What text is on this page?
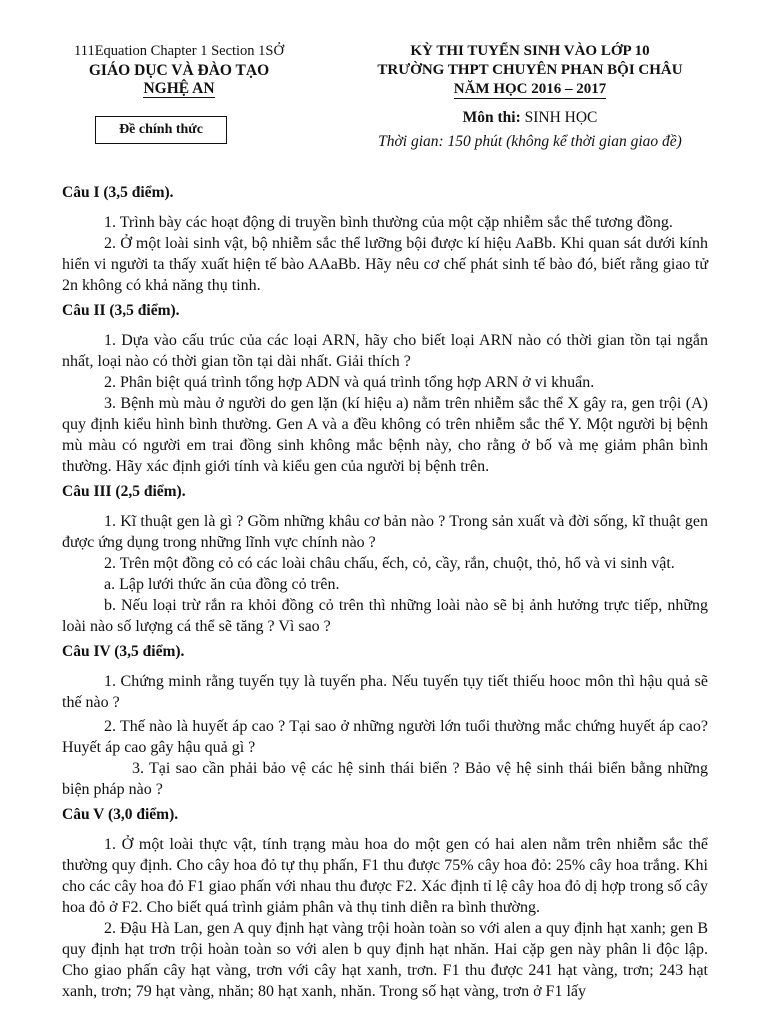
111Equation Chapter 1 Section 1SỞ
GIÁO DỤC VÀ ĐÀO TẠO
NGHỆ AN
Đề chính thức
KỲ THI TUYỂN SINH VÀO LỚP 10
TRƯỜNG THPT CHUYÊN PHAN BỘI CHÂU
NĂM HỌC 2016 – 2017
Môn thi: SINH HỌC
Thời gian: 150 phút (không kể thời gian giao đề)
Câu I (3,5 điểm).

1. Trình bày các hoạt động di truyền bình thường của một cặp nhiễm sắc thể tương đồng.

2. Ở một loài sinh vật, bộ nhiễm sắc thể lưỡng bội được kí hiệu AaBb. Khi quan sát dưới kính hiển vi người ta thấy xuất hiện tế bào AAaBb. Hãy nêu cơ chế phát sinh tế bào đó, biết rằng giao tử 2n không có khả năng thụ tinh.

Câu II (3,5 điểm).

1. Dựa vào cấu trúc của các loại ARN, hãy cho biết loại ARN nào có thời gian tồn tại ngắn nhất, loại nào có thời gian tồn tại dài nhất. Giải thích ?

2. Phân biệt quá trình tổng hợp ADN và quá trình tổng hợp ARN ở vi khuẩn.

3. Bệnh mù màu ở người do gen lặn (kí hiệu a) nằm trên nhiễm sắc thể X gây ra, gen trội (A) quy định kiểu hình bình thường. Gen A và a đều không có trên nhiễm sắc thể Y. Một người bị bệnh mù màu có người em trai đồng sinh không mắc bệnh này, cho rằng ở bố và mẹ giảm phân bình thường. Hãy xác định giới tính và kiểu gen của người bị bệnh trên.

Câu III (2,5 điểm).

1. Kĩ thuật gen là gì ? Gồm những khâu cơ bản nào ? Trong sản xuất và đời sống, kĩ thuật gen được ứng dụng trong những lĩnh vực chính nào ?

2. Trên một đồng cỏ có các loài châu chấu, ếch, cỏ, cầy, rắn, chuột, thỏ, hổ và vi sinh vật.

a. Lập lưới thức ăn của đồng cỏ trên.

b. Nếu loại trừ rắn ra khỏi đồng cỏ trên thì những loài nào sẽ bị ảnh hưởng trực tiếp, những loài nào số lượng cá thể sẽ tăng ? Vì sao ?

Câu IV (3,5 điểm).

1. Chứng minh rằng tuyến tụy là tuyến pha. Nếu tuyến tụy tiết thiếu hooc môn thì hậu quả sẽ thế nào ?

2. Thế nào là huyết áp cao ? Tại sao ở những người lớn tuổi thường mắc chứng huyết áp cao? Huyết áp cao gây hậu quả gì ?

3. Tại sao cần phải bảo vệ các hệ sinh thái biển ? Bảo vệ hệ sinh thái biển bằng những biện pháp nào ?

Câu V (3,0 điểm).

1. Ở một loài thực vật, tính trạng màu hoa do một gen có hai alen nằm trên nhiễm sắc thể thường quy định. Cho cây hoa đỏ tự thụ phấn, F1 thu được 75% cây hoa đỏ: 25% cây hoa trắng. Khi cho các cây hoa đỏ F1 giao phấn với nhau thu được F2. Xác định tỉ lệ cây hoa đỏ dị hợp trong số cây hoa đỏ ở F2. Cho biết quá trình giảm phân và thụ tinh diễn ra bình thường.

2. Đậu Hà Lan, gen A quy định hạt vàng trội hoàn toàn so với alen a quy định hạt xanh; gen B quy định hạt trơn trội hoàn toàn so với alen b quy định hạt nhăn. Hai cặp gen này phân li độc lập. Cho giao phấn cây hạt vàng, trơn với cây hạt xanh, trơn. F1 thu được 241 hạt vàng, trơn; 243 hạt xanh, trơn; 79 hạt vàng, nhăn; 80 hạt xanh, nhăn. Trong số hạt vàng, trơn ở F1 lấy
